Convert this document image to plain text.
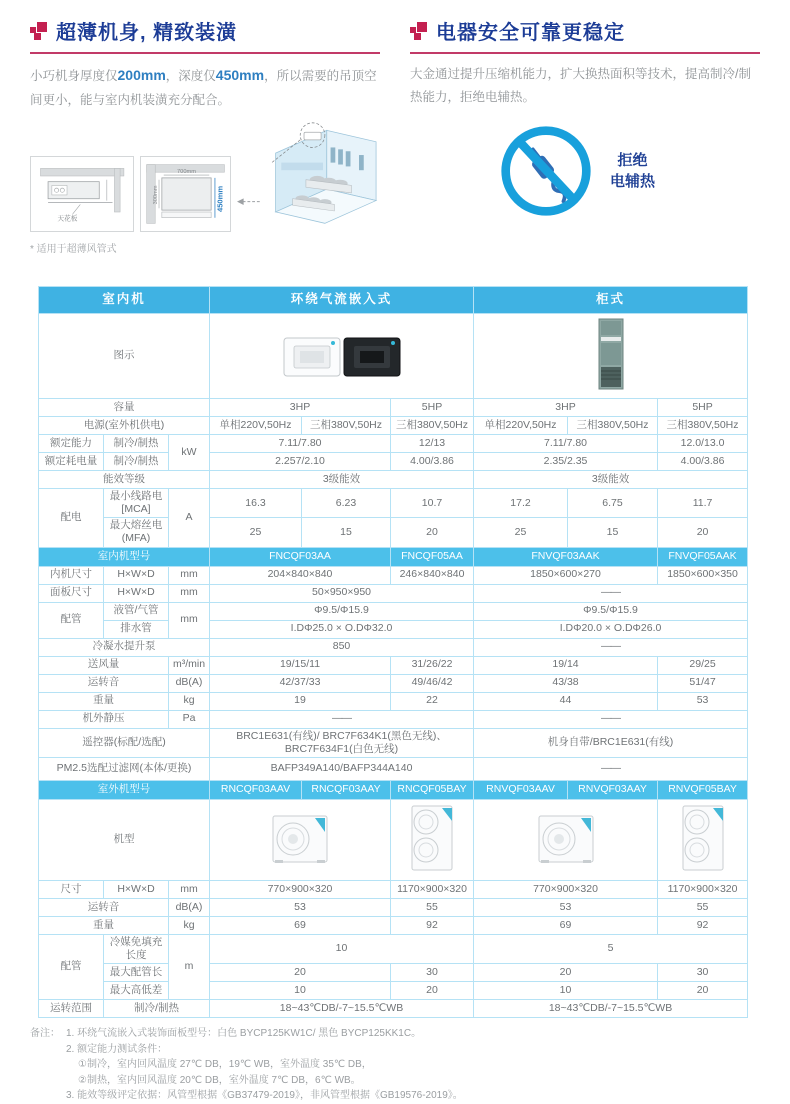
超薄机身, 精致装潢
小巧机身厚度仅200mm，深度仅450mm，所以需要的吊顶空间更小，能与室内机装潢充分配合。
天花板
700mm
300mm	450mm
* 适用于超薄风管式
电器安全可靠更稳定
大金通过提升压缩机能力，扩大换热面积等技术，提高制冷/制热能力，拒绝电辅热。
拒绝
电辅热
室内机			环绕气流嵌入式			柜式		
图示	

容量			3HP		5HP	3HP		5HP
电源(室外机供电)			单相220V,50Hz	三相380V,50Hz	三相380V,50Hz	单相220V,50Hz	三相380V,50Hz	三相380V,50Hz
额定能力	制冷/制热	kW	7.11/7.80		12/13	7.11/7.80		12.0/13.0
额定耗电量	制冷/制热		2.257/2.10		4.00/3.86	2.35/2.35		4.00/3.86
能效等级			3级能效			3级能效		
配电	最小线路电[MCA]	A	16.3	6.23	10.7	17.2	6.75	11.7
	最大熔丝电(MFA)		25	15	20	25	15	20
室内机型号			FNCQF03AA		FNCQF05AA	FNVQF03AAK		FNVQF05AAK
内机尺寸	H×W×D	mm	204×840×840		246×840×840	1850×600×270		1850×600×350
面板尺寸	H×W×D	mm	50×950×950			——		
配管	液管/气管	mm	Φ9.5/Φ15.9			Φ9.5/Φ15.9		
	排水管		I.DΦ25.0 × O.DΦ32.0			I.DΦ20.0 × O.DΦ26.0		
冷凝水提升泵			850			——		
送风量		m³/min	19/15/11		31/26/22	19/14		29/25
运转音		dB(A)	42/37/33		49/46/42	43/38		51/47
重量		kg	19		22	44		53
机外静压		Pa	——			——		
遥控器(标配/选配)			BRC1E631(有线)/ BRC7F634K1(黑色无线)、 BRC7F634F1(白色无线)			机身自带/BRC1E631(有线)		
PM2.5选配过滤网(本体/更换)			BAFP349A140/BAFP344A140			——		
室外机型号			RNCQF03AAV	RNCQF03AAY	RNCQF05BAY	RNVQF03AAV	RNVQF03AAY	RNVQF05BAY
机型				
尺寸	H×W×D	mm	770×900×320		1170×900×320	770×900×320		1170×900×320
运转音		dB(A)	53		55	53		55
重量		kg	69		92	69		92
配管	冷媒免填充长度	m	10			5		
	最大配管长		20		30	20		30
	最大高低差		10		20	10		20
运转范围	制冷/制热		18~43℃DB/-7~15.5℃WB			18~43℃DB/-7~15.5℃WB		
备注： 1. 环绕气流嵌入式装饰面板型号：白色 BYCP125KW1C/ 黑色 BYCP125KK1C。
2. 额定能力测试条件：
①制冷，室内回风温度 27℃ DB，19℃ WB，室外温度 35℃ DB，
②制热，室内回风温度 20℃ DB，室外温度 7℃ DB，6℃ WB。
3. 能效等级评定依据：风管型根据《GB37479-2019》，非风管型根据《GB19576-2019》。
